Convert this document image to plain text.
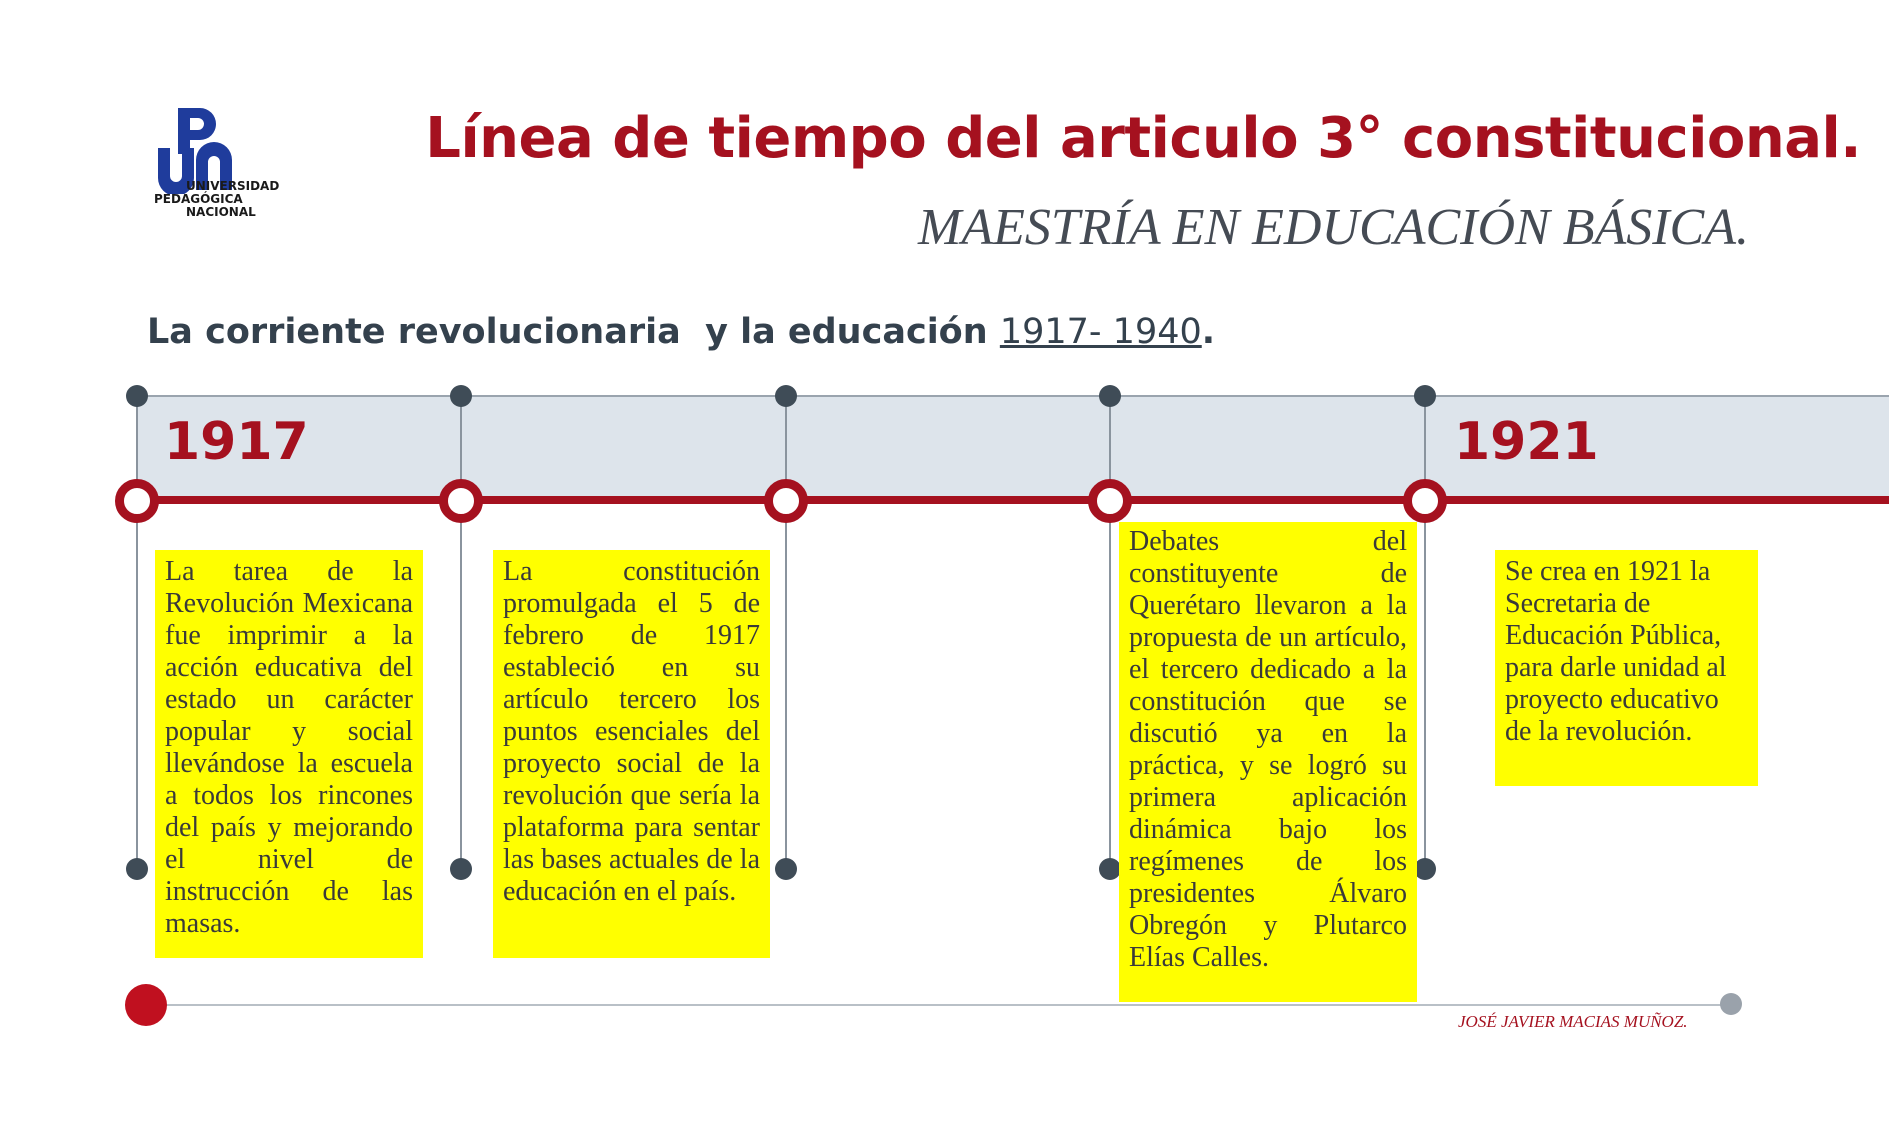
UNIVERSIDAD
PEDAGÓGICA
NACIONAL
Línea de tiempo del articulo 3° constitucional.
MAESTRÍA EN EDUCACIÓN BÁSICA.
La corriente revolucionaria  y la educación 1917- 1940.
1917	1921
La tarea de la Revolución Mexicana fue imprimir a la acción educativa del estado un carácter popular y social llevándose la escuela a todos los rincones del país y mejorando el nivel de instrucción de las masas.
La constitución promulgada el 5 de febrero de 1917 estableció en su artículo tercero los puntos esenciales del proyecto social de la revolución que sería la plataforma para sentar las bases actuales de la educación en el país.
Debates del constituyente de Querétaro llevaron a la propuesta de un artículo, el tercero dedicado a la constitución que se discutió ya en la práctica, y se logró su primera aplicación dinámica bajo los regímenes de los presidentes Álvaro Obregón y Plutarco Elías Calles.
Se crea en 1921 la Secretaria de Educación Pública, para darle unidad al proyecto educativo de la revolución.
JOSÉ JAVIER MACIAS MUÑOZ.
